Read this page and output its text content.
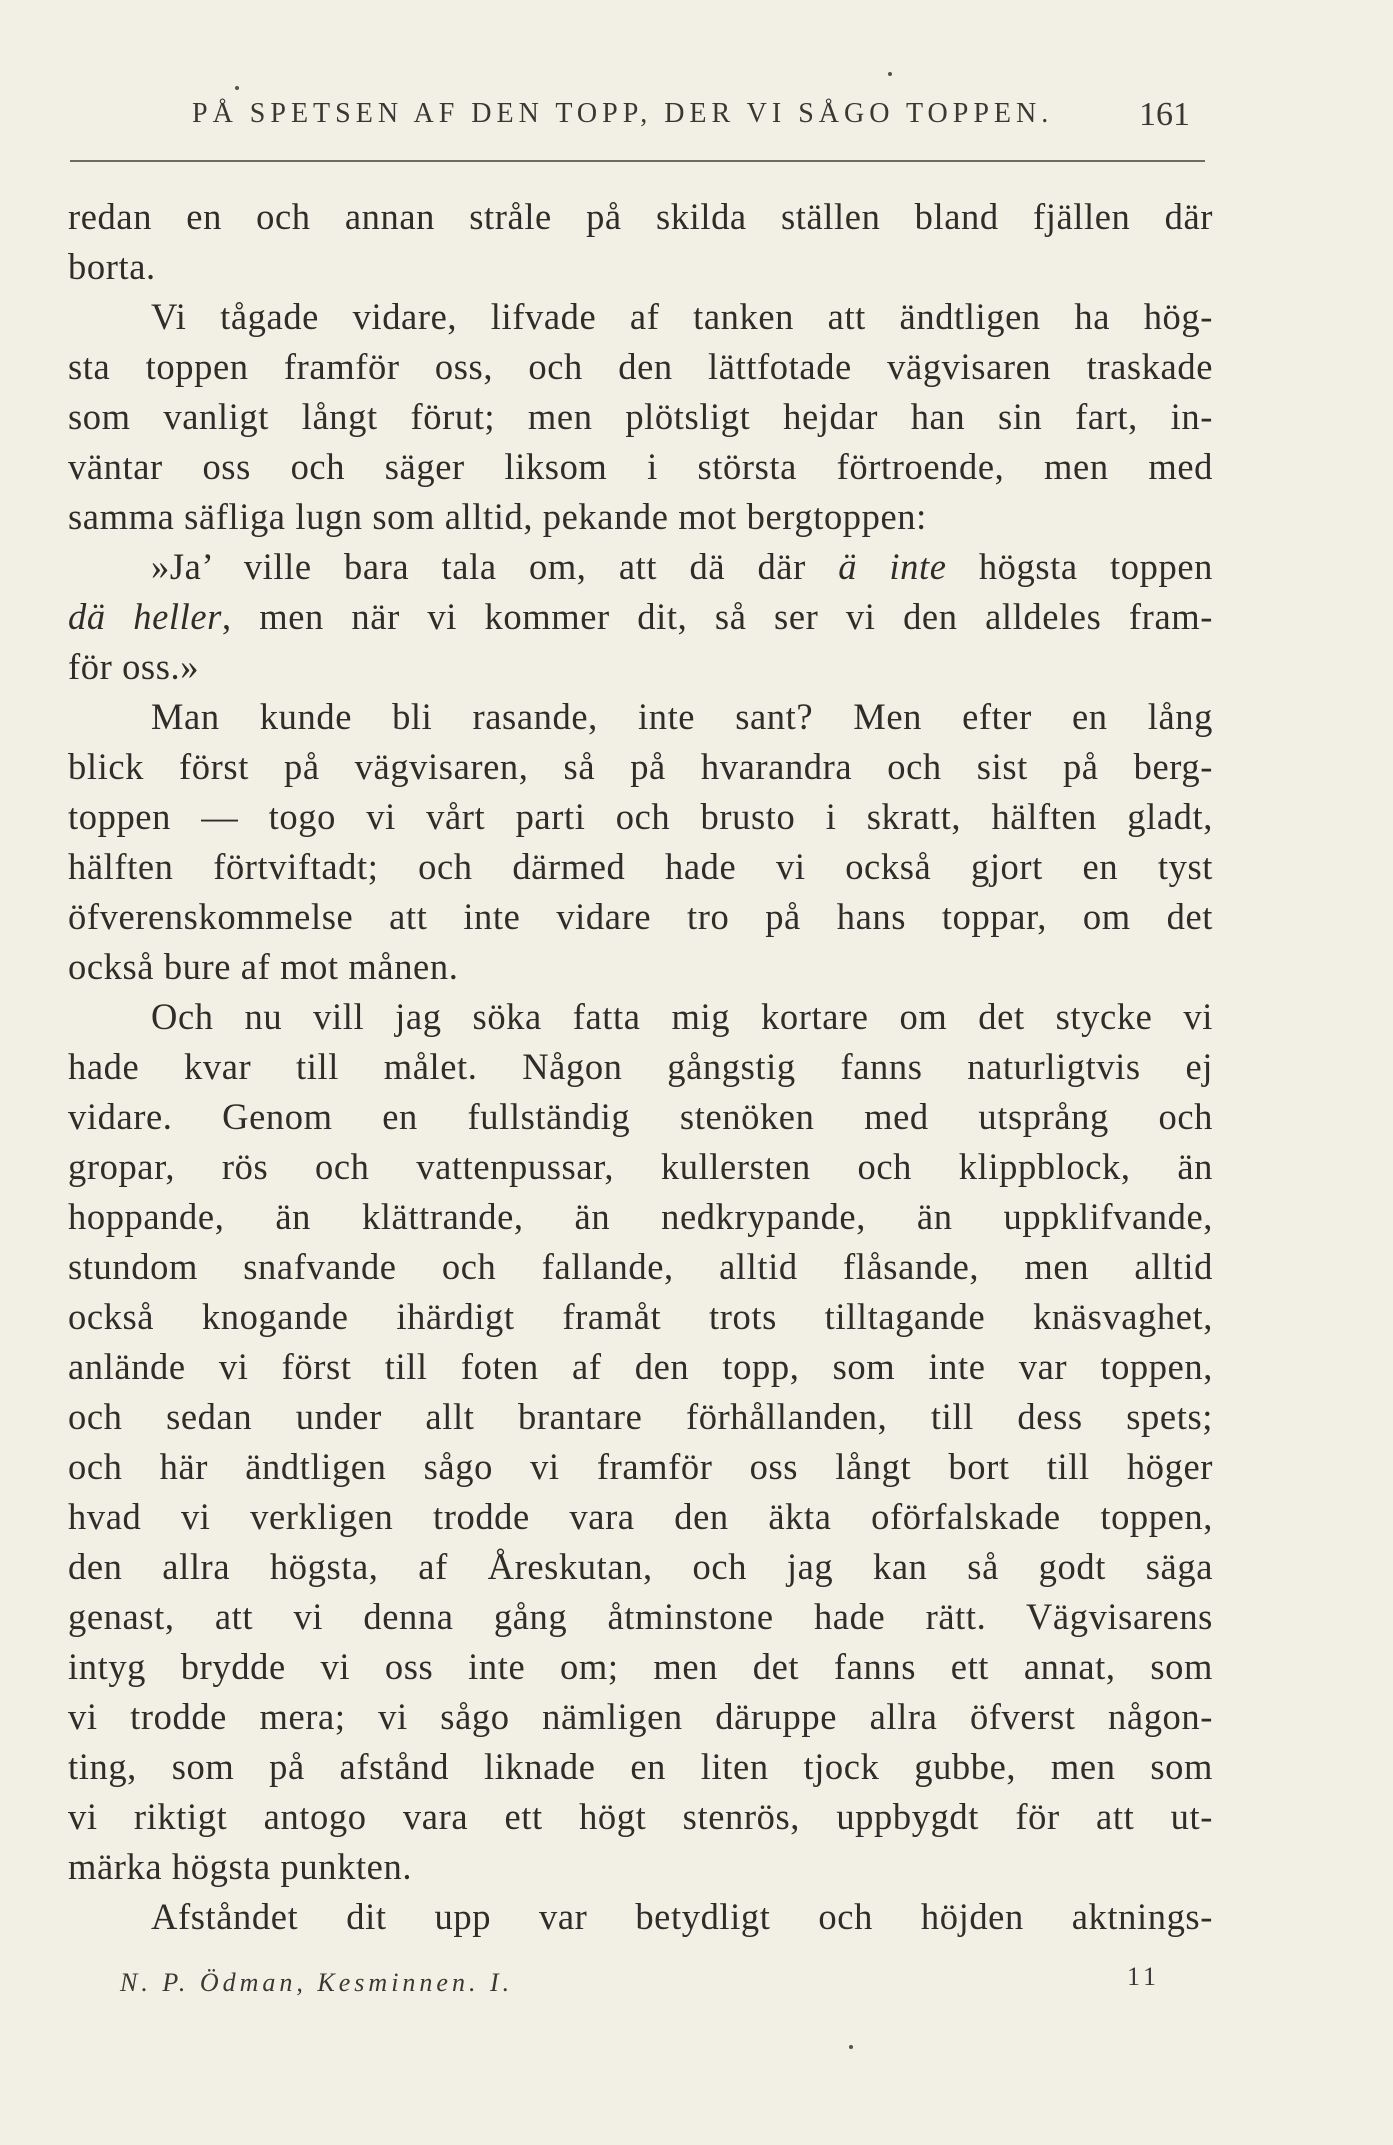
PÅ SPETSEN AF DEN TOPP, DER VI SÅGO TOPPEN.	161
redan en och annan stråle på skilda ställen bland fjällen där
borta.
Vi tågade vidare, lifvade af tanken att ändtligen ha hög-
sta toppen framför oss, och den lättfotade vägvisaren traskade
som vanligt långt förut; men plötsligt hejdar han sin fart, in-
väntar oss och säger liksom i största förtroende, men med
samma säfliga lugn som alltid, pekande mot bergtoppen:
»Ja’ ville bara tala om, att dä där ä inte högsta toppen
dä heller, men när vi kommer dit, så ser vi den alldeles fram-
för oss.»
Man kunde bli rasande, inte sant? Men efter en lång
blick först på vägvisaren, så på hvarandra och sist på berg-
toppen — togo vi vårt parti och brusto i skratt, hälften gladt,
hälften förtviftadt; och därmed hade vi också gjort en tyst
öfverenskommelse att inte vidare tro på hans toppar, om det
också bure af mot månen.
Och nu vill jag söka fatta mig kortare om det stycke vi
hade kvar till målet. Någon gångstig fanns naturligtvis ej
vidare. Genom en fullständig stenöken med utsprång och
gropar, rös och vattenpussar, kullersten och klippblock, än
hoppande, än klättrande, än nedkrypande, än uppklifvande,
stundom snafvande och fallande, alltid flåsande, men alltid
också knogande ihärdigt framåt trots tilltagande knäsvaghet,
anlände vi först till foten af den topp, som inte var toppen,
och sedan under allt brantare förhållanden, till dess spets;
och här ändtligen sågo vi framför oss långt bort till höger
hvad vi verkligen trodde vara den äkta oförfalskade toppen,
den allra högsta, af Åreskutan, och jag kan så godt säga
genast, att vi denna gång åtminstone hade rätt. Vägvisarens
intyg brydde vi oss inte om; men det fanns ett annat, som
vi trodde mera; vi sågo nämligen däruppe allra öfverst någon-
ting, som på afstånd liknade en liten tjock gubbe, men som
vi riktigt antogo vara ett högt stenrös, uppbygdt för att ut-
märka högsta punkten.
Afståndet dit upp var betydligt och höjden aktnings-
N. P. Ödman, Kesminnen. I.	11
